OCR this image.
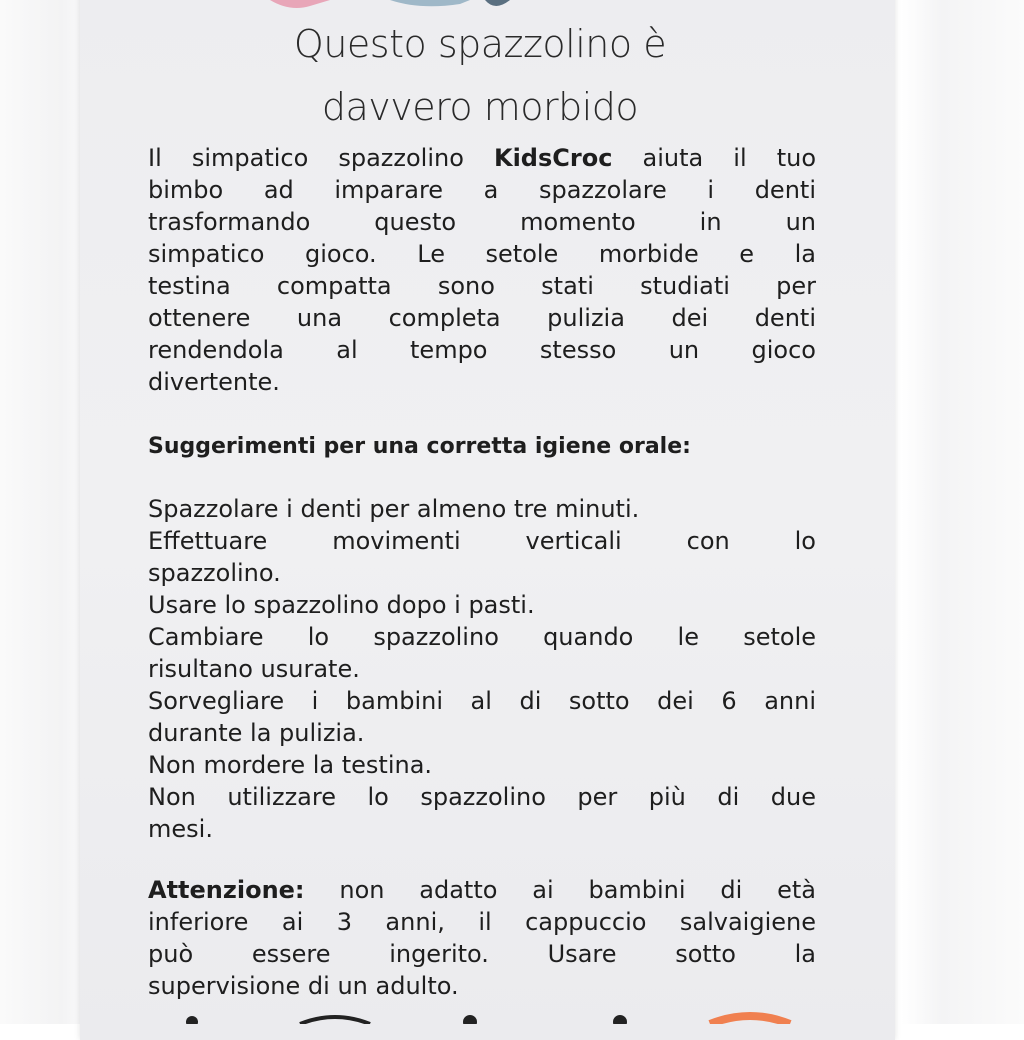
Questo spazzolino è
davvero morbido
Il simpatico spazzolino KidsCroc aiuta il tuo
bimbo ad imparare a spazzolare i denti
trasformando questo momento in un
simpatico gioco. Le setole morbide e la
testina compatta sono stati studiati per
ottenere una completa pulizia dei denti
rendendola al tempo stesso un gioco
divertente.
Suggerimenti per una corretta igiene orale:
Spazzolare i denti per almeno tre minuti.
Effettuare movimenti verticali con lo
spazzolino.
Usare lo spazzolino dopo i pasti.
Cambiare lo spazzolino quando le setole
risultano usurate.
Sorvegliare i bambini al di sotto dei 6 anni
durante la pulizia.
Non mordere la testina.
Non utilizzare lo spazzolino per più di due
mesi.
Attenzione: non adatto ai bambini di età
inferiore ai 3 anni, il cappuccio salvaigiene
può essere ingerito. Usare sotto la
supervisione di un adulto.
